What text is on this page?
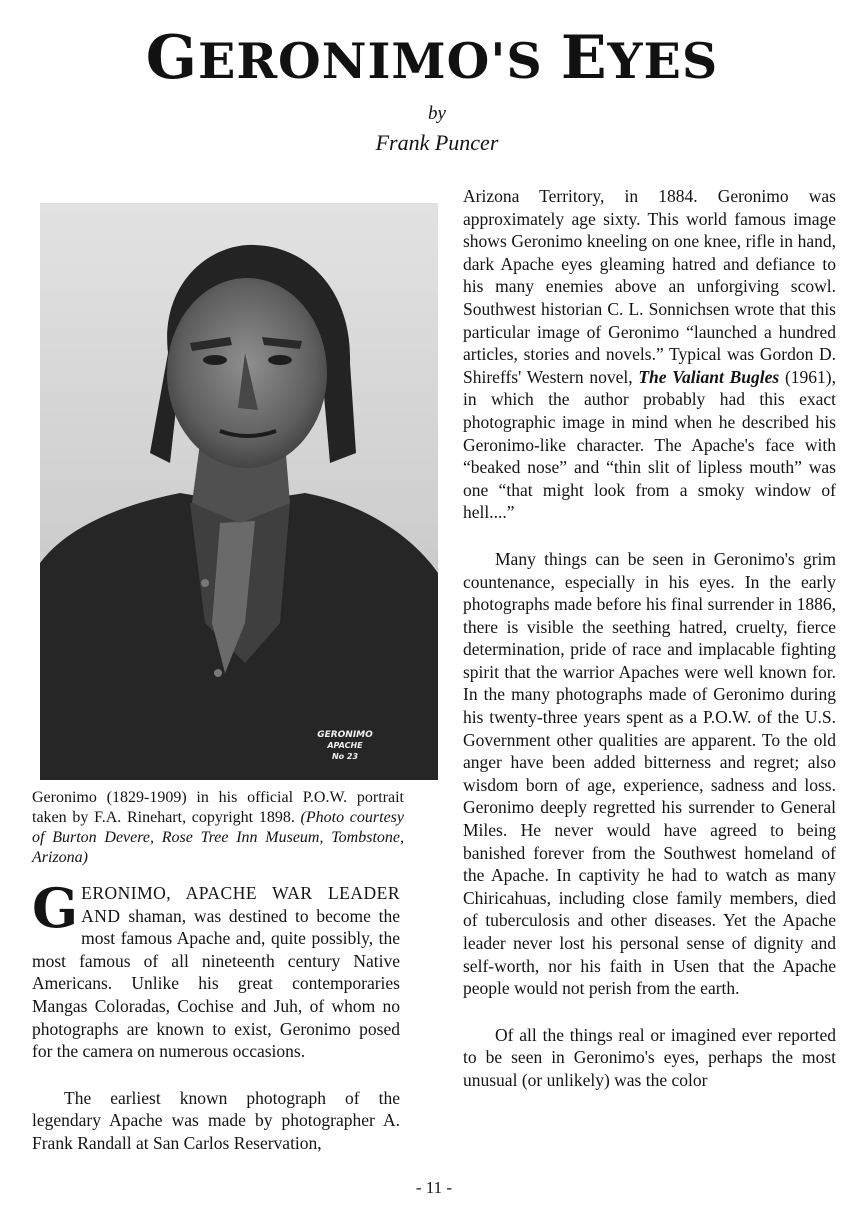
GERONIMO'S EYES
by
Frank Puncer
GERONIMO
APACHE
No 23
Geronimo (1829-1909) in his official P.O.W. portrait taken by F.A. Rinehart, copyright 1898. (Photo courtesy of Burton Devere, Rose Tree Inn Museum, Tombstone, Arizona)

GERONIMO, APACHE WAR LEADER AND shaman, was destined to become the most famous Apache and, quite possibly, the most famous of all nineteenth century Native Americans. Unlike his great contemporaries Mangas Coloradas, Cochise and Juh, of whom no photographs are known to exist, Geronimo posed for the camera on numerous occasions.

The earliest known photograph of the legendary Apache was made by photographer A. Frank Randall at San Carlos Reservation,

Arizona Territory, in 1884. Geronimo was approximately age sixty. This world famous image shows Geronimo kneeling on one knee, rifle in hand, dark Apache eyes gleaming hatred and defiance to his many enemies above an unforgiving scowl. Southwest historian C. L. Sonnichsen wrote that this particular image of Geronimo “launched a hundred articles, stories and novels.” Typical was Gordon D. Shireffs' Western novel, The Valiant Bugles (1961), in which the author probably had this exact photographic image in mind when he described his Geronimo-like character. The Apache's face with “beaked nose” and “thin slit of lipless mouth” was one “that might look from a smoky window of hell....”

Many things can be seen in Geronimo's grim countenance, especially in his eyes. In the early photographs made before his final surrender in 1886, there is visible the seething hatred, cruelty, fierce determination, pride of race and implacable fighting spirit that the warrior Apaches were well known for. In the many photographs made of Geronimo during his twenty-three years spent as a P.O.W. of the U.S. Government other qualities are apparent. To the old anger have been added bitterness and regret; also wisdom born of age, experience, sadness and loss. Geronimo deeply regretted his surrender to General Miles. He never would have agreed to being banished forever from the Southwest homeland of the Apache. In captivity he had to watch as many Chiricahuas, including close family members, died of tuberculosis and other diseases. Yet the Apache leader never lost his personal sense of dignity and self-worth, nor his faith in Usen that the Apache people would not perish from the earth.

Of all the things real or imagined ever reported to be seen in Geronimo's eyes, perhaps the most unusual (or unlikely) was the color

- 11 -
